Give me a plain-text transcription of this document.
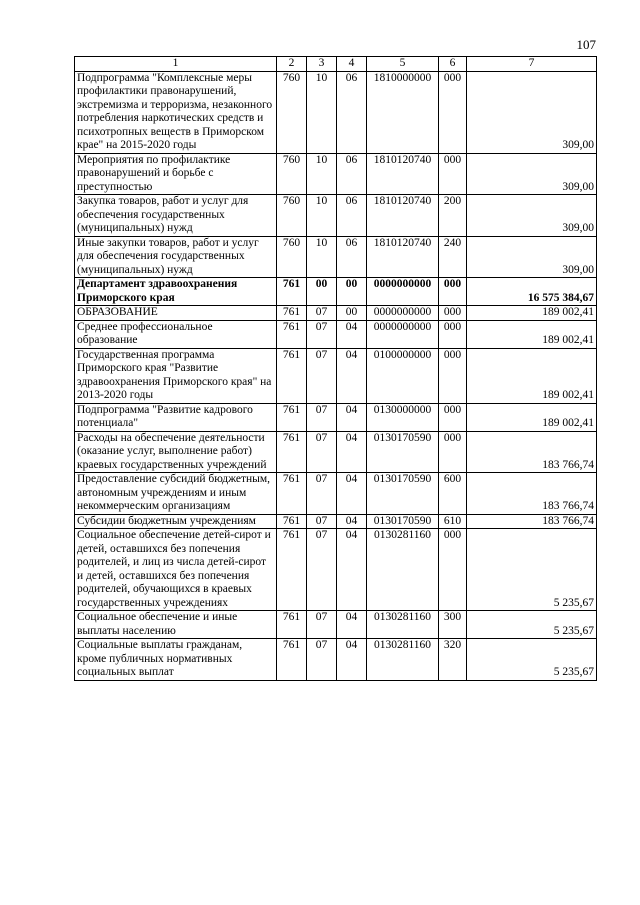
107
1	2	3	4	5	6	7
Подпрограмма "Комплексные меры профилактики правонарушений, экстремизма и терроризма, незаконного потребления наркотических средств и психотропных веществ в Приморском крае" на 2015-2020 годы	760	10	06	1810000000	000	309,00
Мероприятия по профилактике правонарушений и борьбе с преступностью	760	10	06	1810120740	000	309,00
Закупка товаров, работ и услуг для обеспечения государственных (муниципальных) нужд	760	10	06	1810120740	200	309,00
Иные закупки товаров, работ и услуг для обеспечения государственных (муниципальных) нужд	760	10	06	1810120740	240	309,00
Департамент здравоохранения Приморского края	761	00	00	0000000000	000	16 575 384,67
ОБРАЗОВАНИЕ	761	07	00	0000000000	000	189 002,41
Среднее профессиональное образование	761	07	04	0000000000	000	189 002,41
Государственная программа Приморского края "Развитие здравоохранения Приморского края" на 2013-2020 годы	761	07	04	0100000000	000	189 002,41
Подпрограмма "Развитие кадрового потенциала"	761	07	04	0130000000	000	189 002,41
Расходы на обеспечение деятельности (оказание услуг, выполнение работ) краевых государственных учреждений	761	07	04	0130170590	000	183 766,74
Предоставление субсидий бюджетным, автономным учреждениям и иным некоммерческим организациям	761	07	04	0130170590	600	183 766,74
Субсидии бюджетным учреждениям	761	07	04	0130170590	610	183 766,74
Социальное обеспечение детей-сирот и детей, оставшихся без попечения родителей, и лиц из числа детей-сирот и детей, оставшихся без попечения родителей, обучающихся в краевых государственных учреждениях	761	07	04	0130281160	000	5 235,67
Социальное обеспечение и иные выплаты населению	761	07	04	0130281160	300	5 235,67
Социальные выплаты гражданам, кроме публичных нормативных социальных выплат	761	07	04	0130281160	320	5 235,67
